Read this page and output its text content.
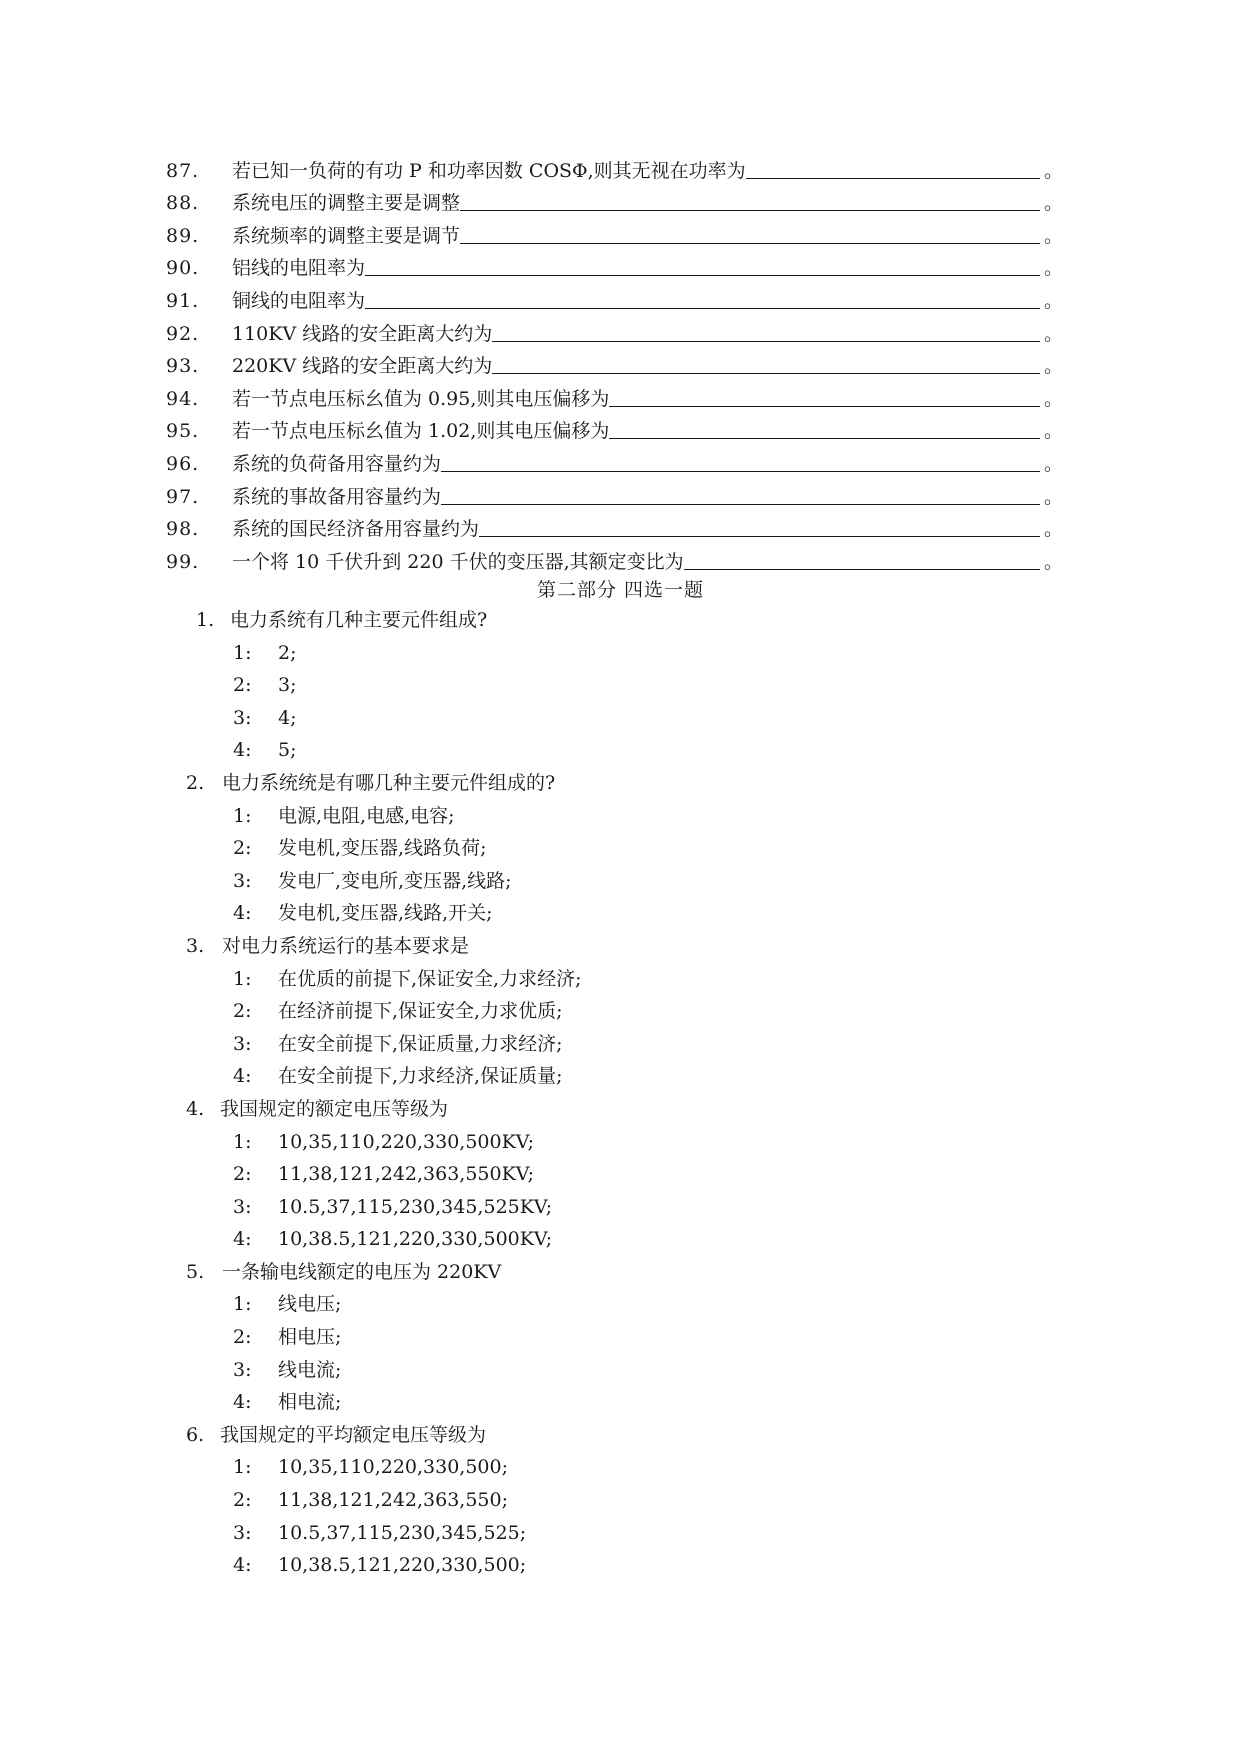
87.	若已知一负荷的有功 P 和功率因数 COSΦ,则其无视在功率为	。
88.	系统电压的调整主要是调整	。
89.	系统频率的调整主要是调节	。
90.	铝线的电阻率为	。
91.	铜线的电阻率为	。
92.	110KV 线路的安全距离大约为	。
93.	220KV 线路的安全距离大约为	。
94.	若一节点电压标幺值为 0.95,则其电压偏移为	。
95.	若一节点电压标幺值为 1.02,则其电压偏移为	。
96.	系统的负荷备用容量约为	。
97.	系统的事故备用容量约为	。
98.	系统的国民经济备用容量约为	。
99.	一个将 10 千伏升到 220 千伏的变压器,其额定变比为	。
第二部分 四选一题
1. 电力系统有几种主要元件组成?
1: 2;
2: 3;
3: 4;
4: 5;
2. 电力系统统是有哪几种主要元件组成的?
1: 电源,电阻,电感,电容;
2: 发电机,变压器,线路负荷;
3: 发电厂,变电所,变压器,线路;
4: 发电机,变压器,线路,开关;
3. 对电力系统运行的基本要求是
1: 在优质的前提下,保证安全,力求经济;
2: 在经济前提下,保证安全,力求优质;
3: 在安全前提下,保证质量,力求经济;
4: 在安全前提下,力求经济,保证质量;
4. 我国规定的额定电压等级为
1: 10,35,110,220,330,500KV;
2: 11,38,121,242,363,550KV;
3: 10.5,37,115,230,345,525KV;
4: 10,38.5,121,220,330,500KV;
5. 一条输电线额定的电压为 220KV
1: 线电压;
2: 相电压;
3: 线电流;
4: 相电流;
6. 我国规定的平均额定电压等级为
1: 10,35,110,220,330,500;
2: 11,38,121,242,363,550;
3: 10.5,37,115,230,345,525;
4: 10,38.5,121,220,330,500;
